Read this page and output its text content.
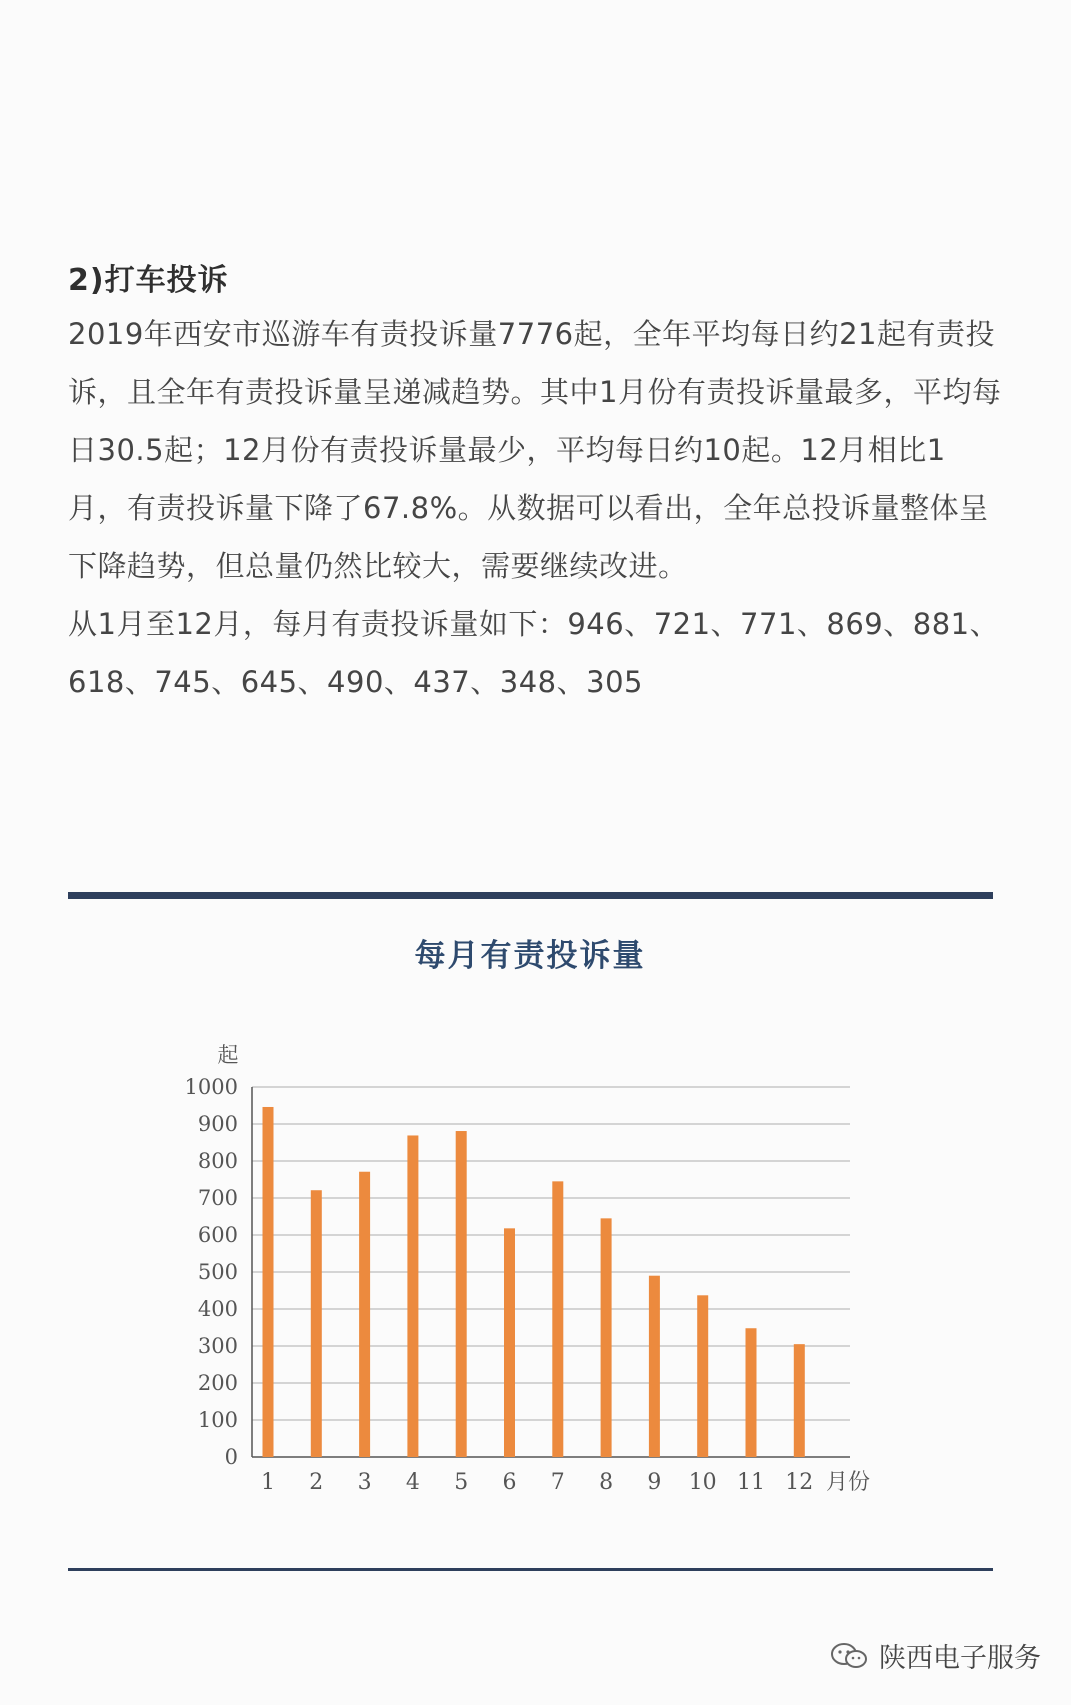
2)打车投诉

2019年西安市巡游车有责投诉量7776起，全年平均每日约21起有责投诉，且全年有责投诉量呈递减趋势。其中1月份有责投诉量最多，平均每日30.5起；12月份有责投诉量最少，平均每日约10起。12月相比1月，有责投诉量下降了67.8%。从数据可以看出，全年总投诉量整体呈下降趋势，但总量仍然比较大，需要继续改进。

从1月至12月，每月有责投诉量如下：946、721、771、869、881、618、745、645、490、437、348、305

每月有责投诉量
0
100
200
300
400
500
600
700
800
900
1000
起
1 2 3 4 5 6 7 8 9 10 11 12 月份
陕西电子服务
